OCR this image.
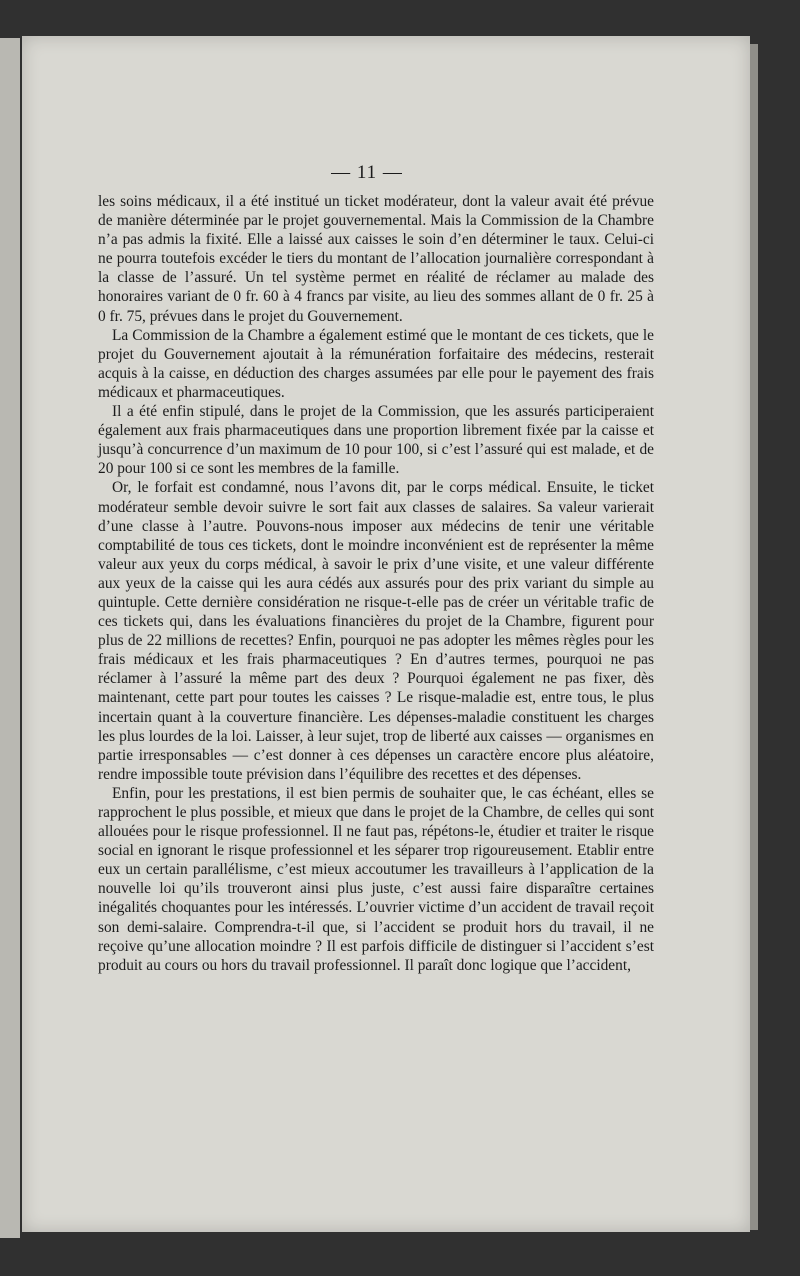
— 11 —

les soins médicaux, il a été institué un ticket modérateur, dont la valeur avait été prévue de manière déterminée par le projet gouvernemental. Mais la Commission de la Chambre n’a pas admis la fixité. Elle a laissé aux caisses le soin d’en déterminer le taux. Celui-ci ne pourra toutefois excéder le tiers du montant de l’allocation journalière correspondant à la classe de l’assuré. Un tel système permet en réalité de réclamer au malade des honoraires variant de 0 fr. 60 à 4 francs par visite, au lieu des sommes allant de 0 fr. 25 à 0 fr. 75, prévues dans le projet du Gouvernement.

La Commission de la Chambre a également estimé que le montant de ces tickets, que le projet du Gouvernement ajoutait à la rémunération forfaitaire des médecins, resterait acquis à la caisse, en déduction des charges assumées par elle pour le payement des frais médicaux et pharmaceutiques.

Il a été enfin stipulé, dans le projet de la Commission, que les assurés participeraient également aux frais pharmaceutiques dans une proportion librement fixée par la caisse et jusqu’à concurrence d’un maximum de 10 pour 100, si c’est l’assuré qui est malade, et de 20 pour 100 si ce sont les membres de la famille.

Or, le forfait est condamné, nous l’avons dit, par le corps médical. Ensuite, le ticket modérateur semble devoir suivre le sort fait aux classes de salaires. Sa valeur varierait d’une classe à l’autre. Pouvons-nous imposer aux médecins de tenir une véritable comptabilité de tous ces tickets, dont le moindre inconvénient est de représenter la même valeur aux yeux du corps médical, à savoir le prix d’une visite, et une valeur différente aux yeux de la caisse qui les aura cédés aux assurés pour des prix variant du simple au quintuple. Cette dernière considération ne risque-t-elle pas de créer un véritable trafic de ces tickets qui, dans les évaluations financières du projet de la Chambre, figurent pour plus de 22 millions de recettes? Enfin, pourquoi ne pas adopter les mêmes règles pour les frais médicaux et les frais pharmaceutiques ? En d’autres termes, pourquoi ne pas réclamer à l’assuré la même part des deux ? Pourquoi également ne pas fixer, dès maintenant, cette part pour toutes les caisses ? Le risque-maladie est, entre tous, le plus incertain quant à la couverture financière. Les dépenses-maladie constituent les charges les plus lourdes de la loi. Laisser, à leur sujet, trop de liberté aux caisses — organismes en partie irresponsables — c’est donner à ces dépenses un caractère encore plus aléatoire, rendre impossible toute prévision dans l’équilibre des recettes et des dépenses.

Enfin, pour les prestations, il est bien permis de souhaiter que, le cas échéant, elles se rapprochent le plus possible, et mieux que dans le projet de la Chambre, de celles qui sont allouées pour le risque professionnel. Il ne faut pas, répétons-le, étudier et traiter le risque social en ignorant le risque professionnel et les séparer trop rigoureusement. Etablir entre eux un certain parallélisme, c’est mieux accoutumer les travailleurs à l’application de la nouvelle loi qu’ils trouveront ainsi plus juste, c’est aussi faire disparaître certaines inégalités choquantes pour les intéressés. L’ouvrier victime d’un accident de travail reçoit son demi-salaire. Comprendra-t-il que, si l’accident se produit hors du travail, il ne reçoive qu’une allocation moindre ? Il est parfois difficile de distinguer si l’accident s’est produit au cours ou hors du travail professionnel. Il paraît donc logique que l’accident,
